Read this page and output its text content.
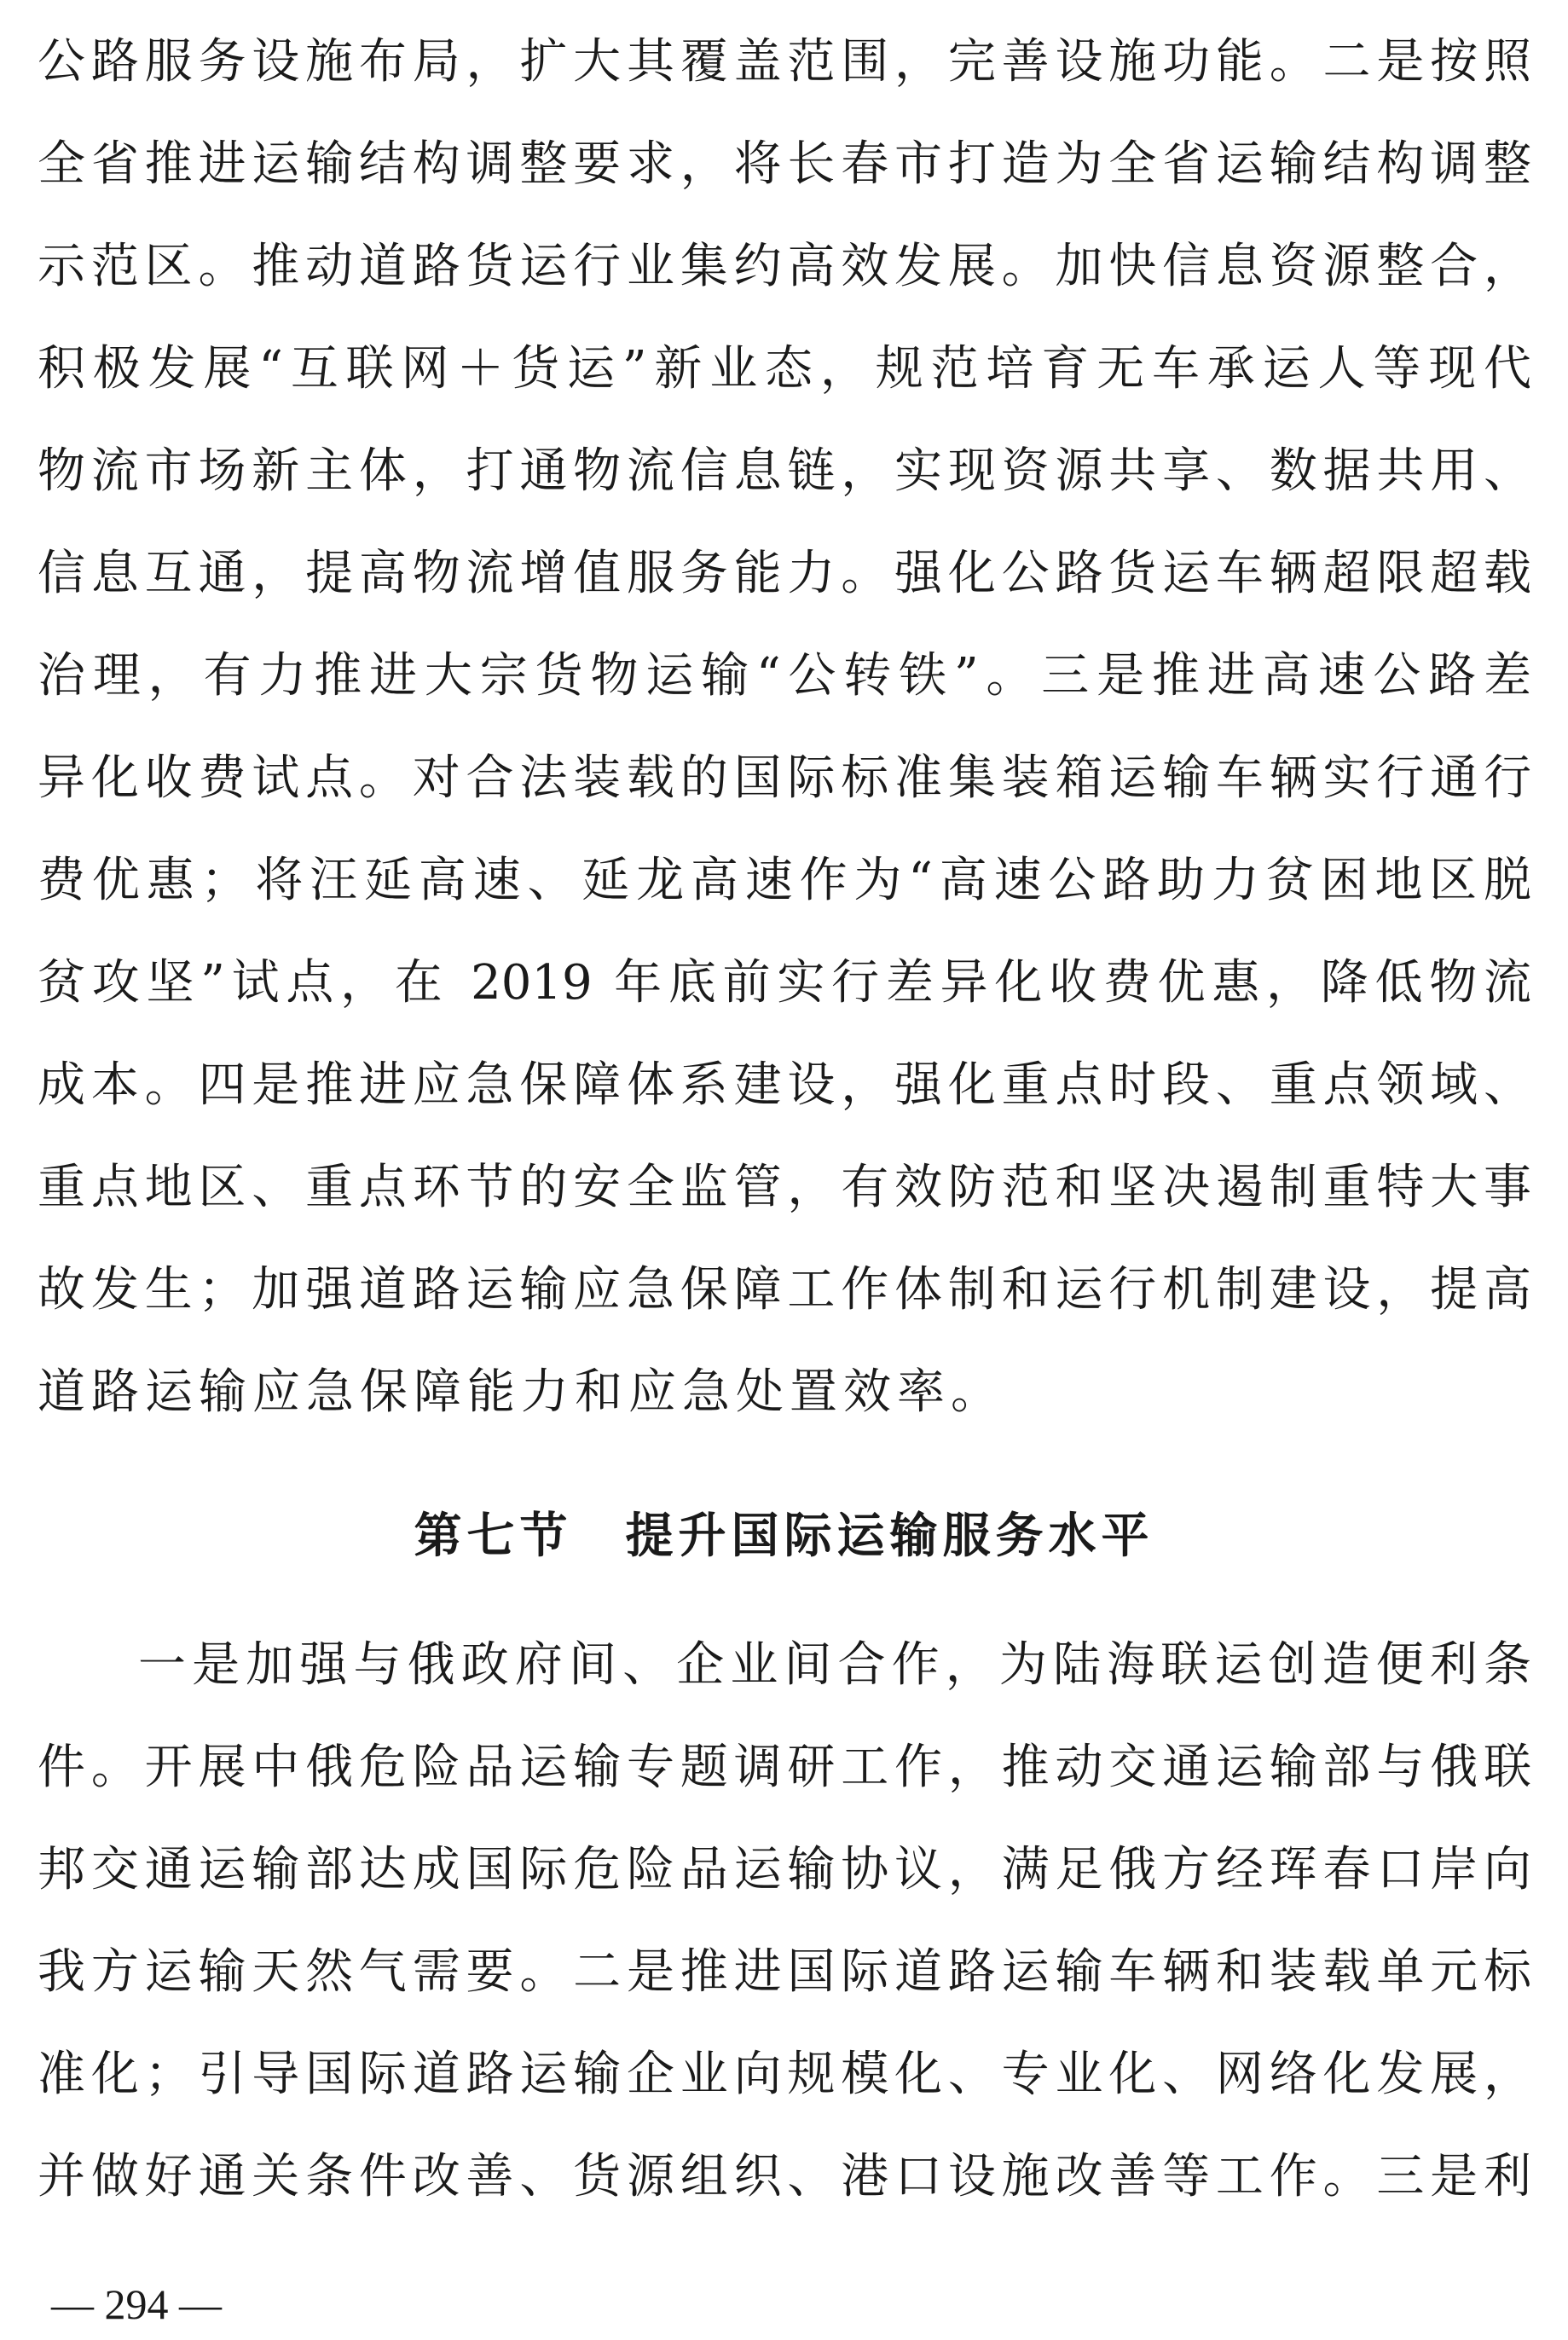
公路服务设施布局，扩大其覆盖范围，完善设施功能。二是按照
全省推进运输结构调整要求，将长春市打造为全省运输结构调整
示范区。推动道路货运行业集约高效发展。加快信息资源整合，
积极发展“互联网＋货运”新业态，规范培育无车承运人等现代
物流市场新主体，打通物流信息链，实现资源共享、数据共用、
信息互通，提高物流增值服务能力。强化公路货运车辆超限超载
治理，有力推进大宗货物运输“公转铁”。三是推进高速公路差
异化收费试点。对合法装载的国际标准集装箱运输车辆实行通行
费优惠；将汪延高速、延龙高速作为“高速公路助力贫困地区脱
贫攻坚”试点，在 2019 年底前实行差异化收费优惠，降低物流
成本。四是推进应急保障体系建设，强化重点时段、重点领域、
重点地区、重点环节的安全监管，有效防范和坚决遏制重特大事
故发生；加强道路运输应急保障工作体制和运行机制建设，提高
道路运输应急保障能力和应急处置效率。
第七节　提升国际运输服务水平
一是加强与俄政府间、企业间合作，为陆海联运创造便利条
件。开展中俄危险品运输专题调研工作，推动交通运输部与俄联
邦交通运输部达成国际危险品运输协议，满足俄方经珲春口岸向
我方运输天然气需要。二是推进国际道路运输车辆和装载单元标
准化；引导国际道路运输企业向规模化、专业化、网络化发展，
并做好通关条件改善、货源组织、港口设施改善等工作。三是利
— 294 —
